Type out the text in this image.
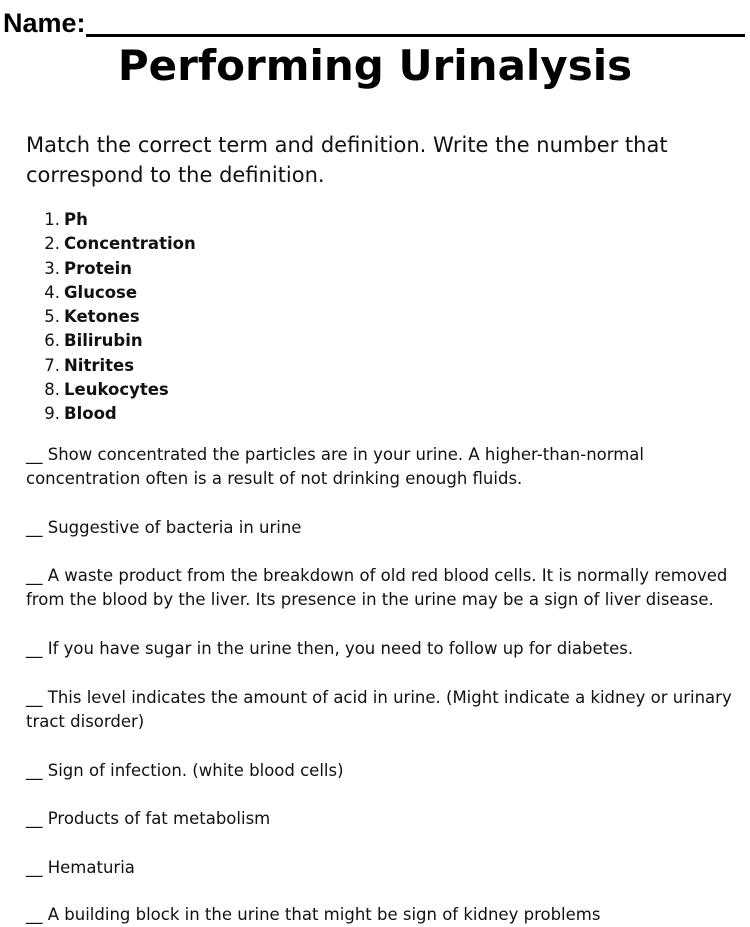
Name:
Performing Urinalysis
Match the correct term and definition. Write the number that correspond to the definition.
1. Ph
2. Concentration
3. Protein
4. Glucose
5. Ketones
6. Bilirubin
7. Nitrites
8. Leukocytes
9. Blood
__ Show concentrated the particles are in your urine. A higher-than-normal concentration often is a result of not drinking enough fluids.
__ Suggestive of bacteria in urine
__ A waste product from the breakdown of old red blood cells. It is normally removed from the blood by the liver. Its presence in the urine may be a sign of liver disease.
__ If you have sugar in the urine then, you need to follow up for diabetes.
__ This level indicates the amount of acid in urine. (Might indicate a kidney or urinary tract disorder)
__ Sign of infection. (white blood cells)
__ Products of fat metabolism
__ Hematuria
__ A building block in the urine that might be sign of kidney problems
